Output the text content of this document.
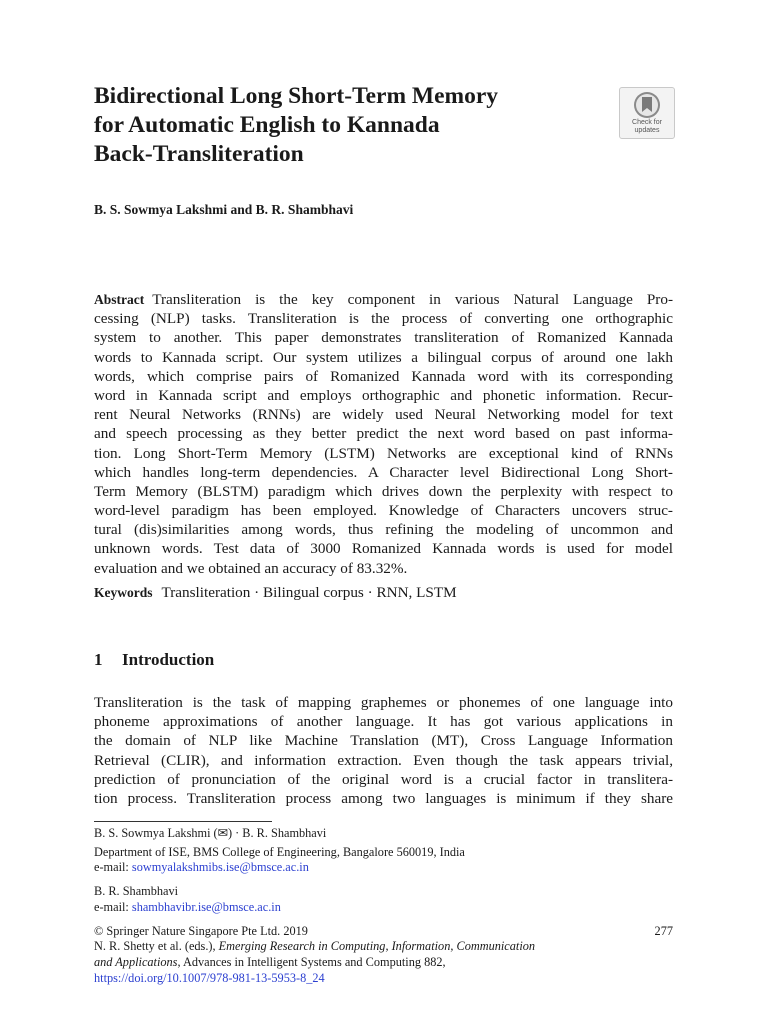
Bidirectional Long Short-Term Memory
for Automatic English to Kannada
Back-Transliteration
Check for
updates
B. S. Sowmya Lakshmi and B. R. Shambhavi
Abstract Transliteration is the key component in various Natural Language Pro-
cessing (NLP) tasks. Transliteration is the process of converting one orthographic
system to another. This paper demonstrates transliteration of Romanized Kannada
words to Kannada script. Our system utilizes a bilingual corpus of around one lakh
words, which comprise pairs of Romanized Kannada word with its corresponding
word in Kannada script and employs orthographic and phonetic information. Recur-
rent Neural Networks (RNNs) are widely used Neural Networking model for text
and speech processing as they better predict the next word based on past informa-
tion. Long Short-Term Memory (LSTM) Networks are exceptional kind of RNNs
which handles long-term dependencies. A Character level Bidirectional Long Short-
Term Memory (BLSTM) paradigm which drives down the perplexity with respect to
word-level paradigm has been employed. Knowledge of Characters uncovers struc-
tural (dis)similarities among words, thus refining the modeling of uncommon and
unknown words. Test data of 3000 Romanized Kannada words is used for model
evaluation and we obtained an accuracy of 83.32%.
Keywords Transliteration · Bilingual corpus · RNN, LSTM
1 Introduction
Transliteration is the task of mapping graphemes or phonemes of one language into
phoneme approximations of another language. It has got various applications in
the domain of NLP like Machine Translation (MT), Cross Language Information
Retrieval (CLIR), and information extraction. Even though the task appears trivial,
prediction of pronunciation of the original word is a crucial factor in translitera-
tion process. Transliteration process among two languages is minimum if they share
B. S. Sowmya Lakshmi (✉) · B. R. Shambhavi
Department of ISE, BMS College of Engineering, Bangalore 560019, India
e-mail: sowmyalakshmibs.ise@bmsce.ac.in
B. R. Shambhavi
e-mail: shambhavibr.ise@bmsce.ac.in
© Springer Nature Singapore Pte Ltd. 2019	277
N. R. Shetty et al. (eds.), Emerging Research in Computing, Information, Communication
and Applications, Advances in Intelligent Systems and Computing 882,
https://doi.org/10.1007/978-981-13-5953-8_24
